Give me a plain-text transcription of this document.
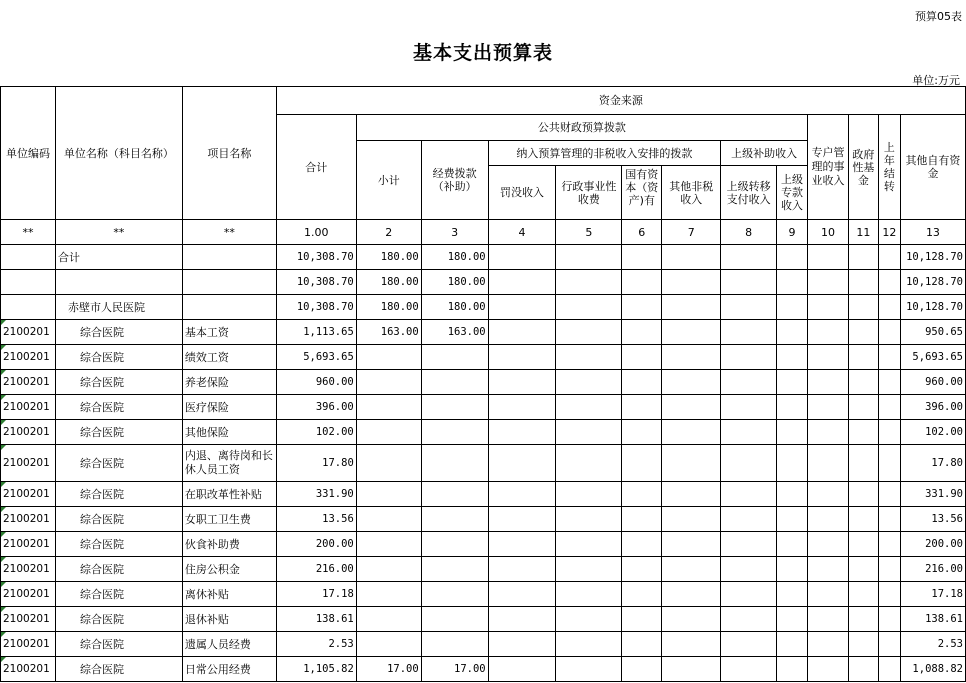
预算05表
基本支出预算表
单位:万元
单位编码	单位名称（科目名称）	项目名称	资金来源												
			合计	公共财政预算拨款								专户管理的事业收入	政府性基金	上年结转	其他自有资金
				小计	经费拨款（补助）	纳入预算管理的非税收入安排的拨款				上级补助收入					
						罚没收入	行政事业性收费	国有资本（资产)有	其他非税收入	上级转移支付收入	上级专款收入				
**	**	**	1.00	2	3	4	5	6	7	8	9	10	11	12	13
	合计		10,308.70	180.00	180.00										10,128.70
			10,308.70	180.00	180.00										10,128.70
	赤壁市人民医院		10,308.70	180.00	180.00										10,128.70
2100201	综合医院	基本工资	1,113.65	163.00	163.00										950.65
2100201	综合医院	绩效工资	5,693.65												5,693.65
2100201	综合医院	养老保险	960.00												960.00
2100201	综合医院	医疗保险	396.00												396.00
2100201	综合医院	其他保险	102.00												102.00
2100201	综合医院	内退、离待岗和长休人员工资	17.80												17.80
2100201	综合医院	在职改革性补贴	331.90												331.90
2100201	综合医院	女职工卫生费	13.56												13.56
2100201	综合医院	伙食补助费	200.00												200.00
2100201	综合医院	住房公积金	216.00												216.00
2100201	综合医院	离休补贴	17.18												17.18
2100201	综合医院	退休补贴	138.61												138.61
2100201	综合医院	遗属人员经费	2.53												2.53
2100201	综合医院	日常公用经费	1,105.82	17.00	17.00										1,088.82
